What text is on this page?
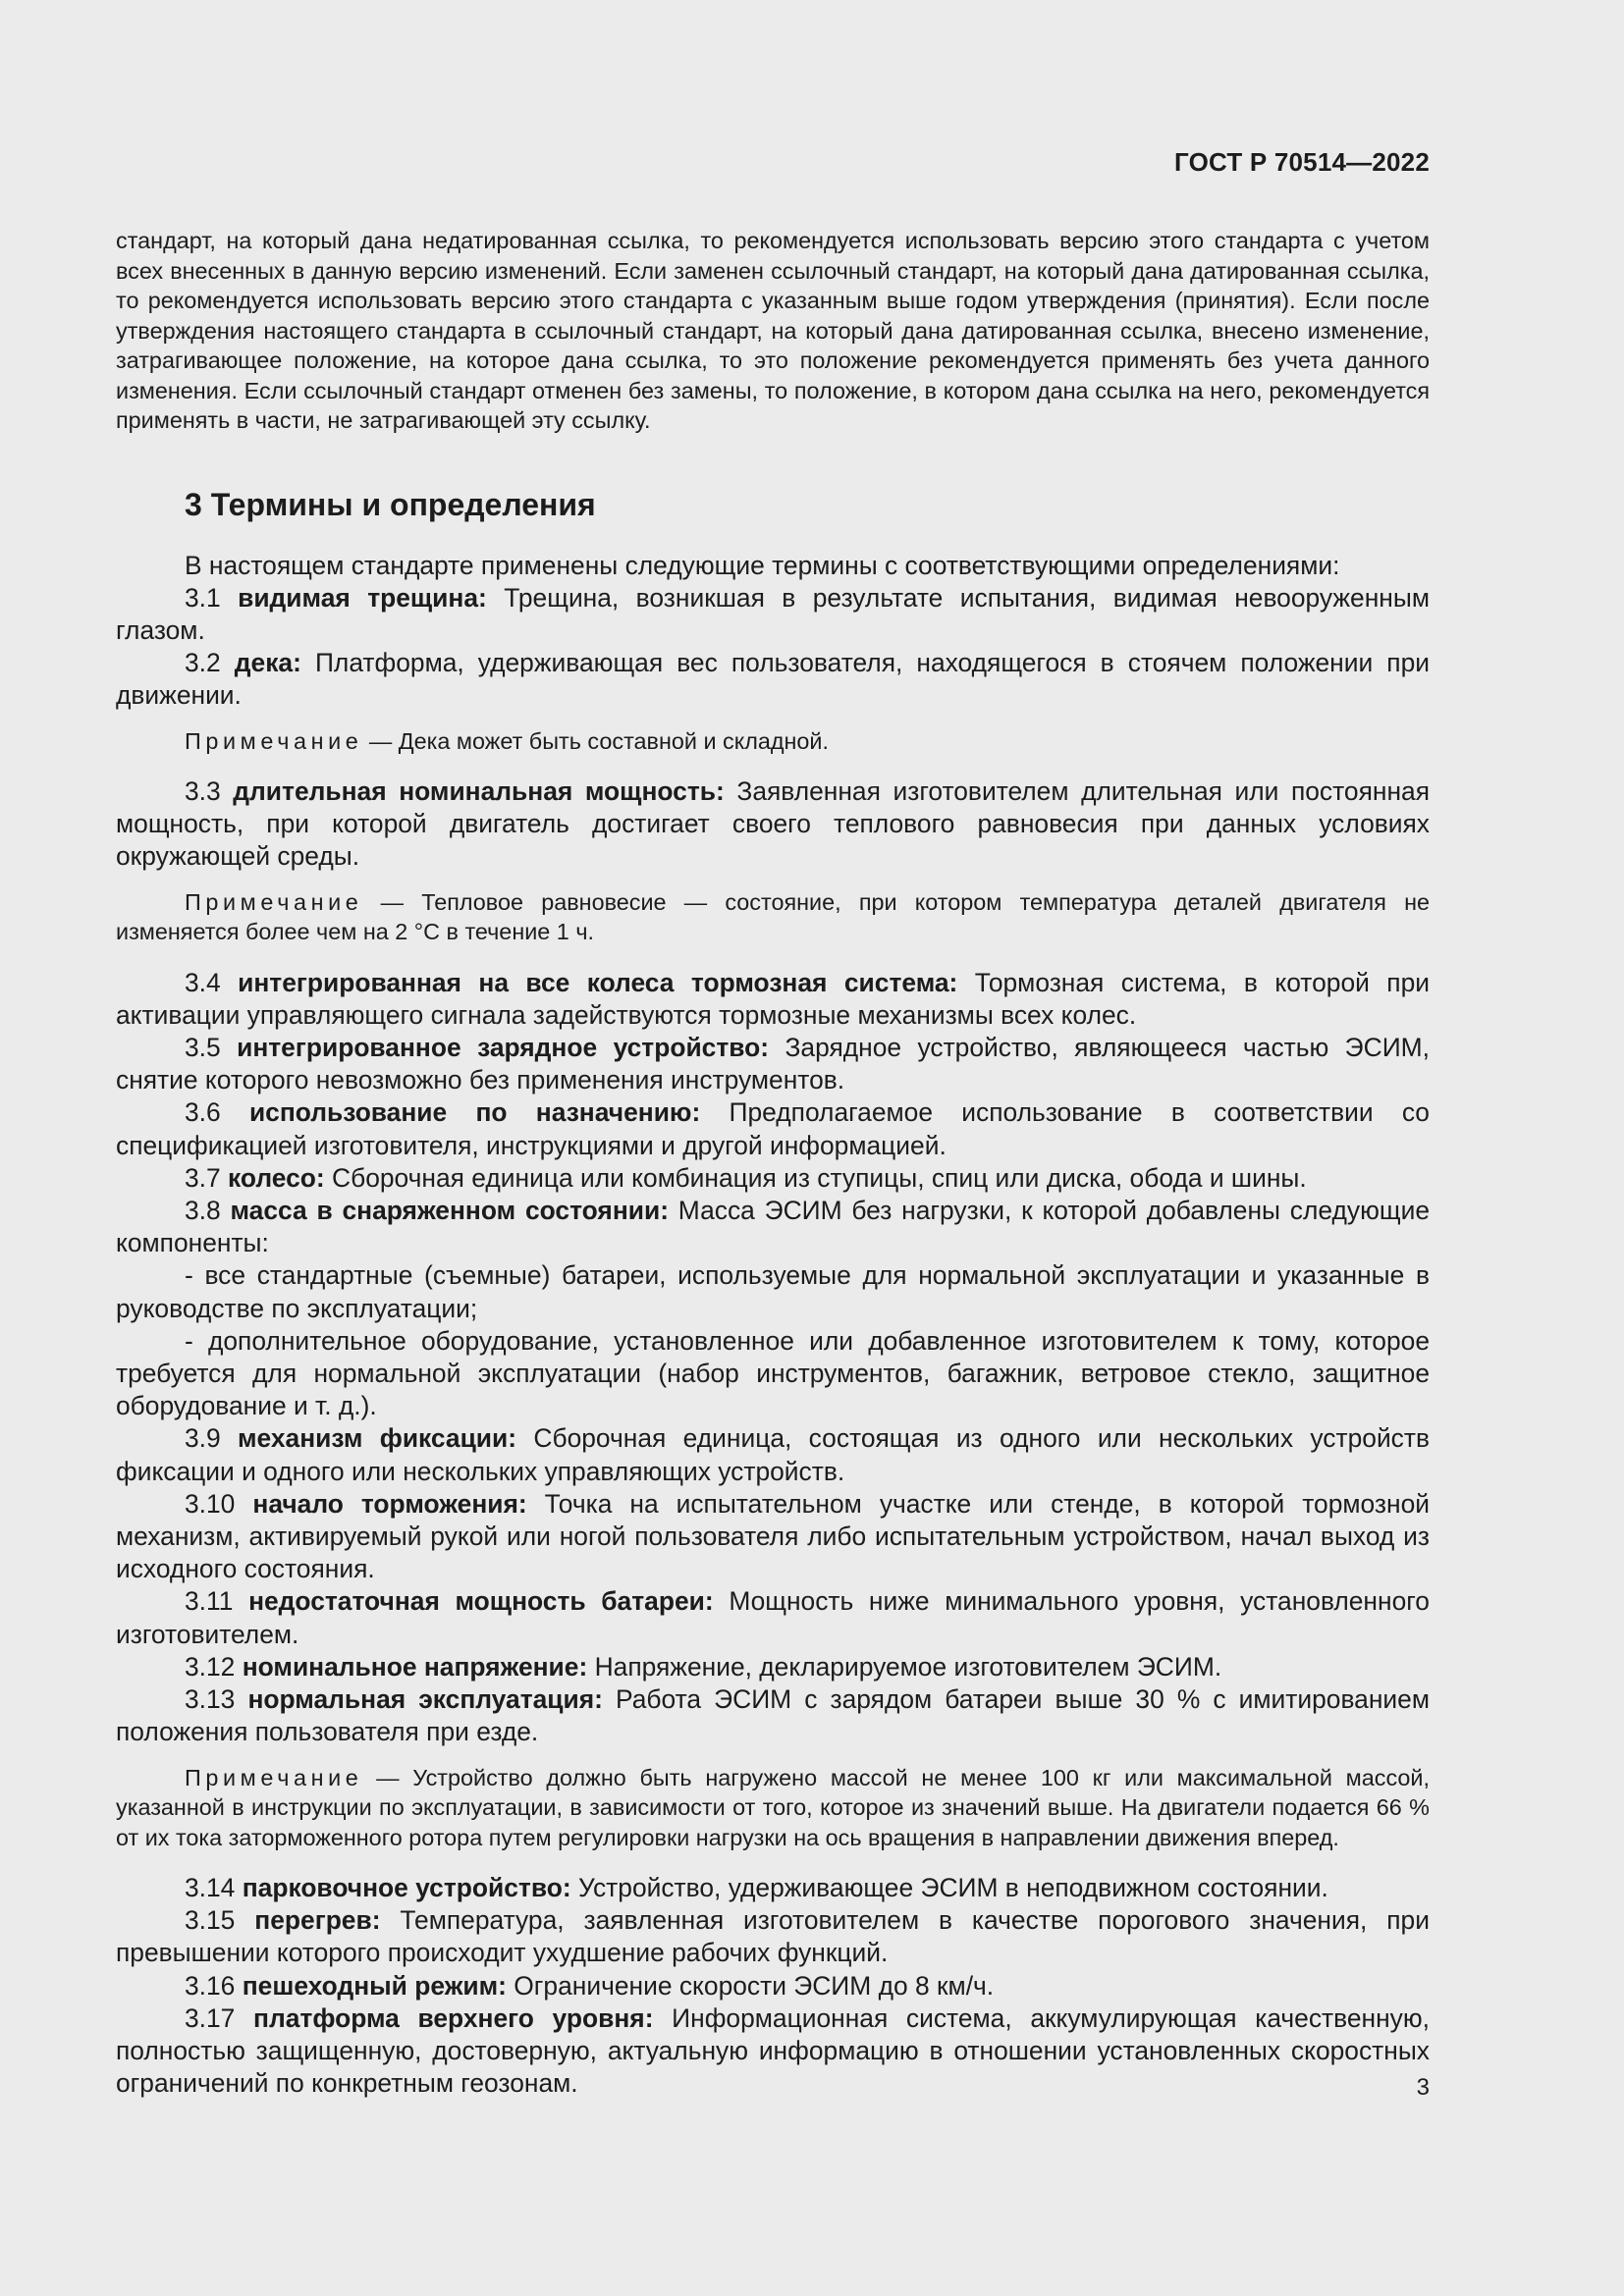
ГОСТ Р 70514—2022

стандарт, на который дана недатированная ссылка, то рекомендуется использовать версию этого стандарта с учетом всех внесенных в данную версию изменений. Если заменен ссылочный стандарт, на который дана датированная ссылка, то рекомендуется использовать версию этого стандарта с указанным выше годом утверждения (принятия). Если после утверждения настоящего стандарта в ссылочный стандарт, на который дана датированная ссылка, внесено изменение, затрагивающее положение, на которое дана ссылка, то это положение рекомендуется применять без учета данного изменения. Если ссылочный стандарт отменен без замены, то положение, в котором дана ссылка на него, рекомендуется применять в части, не затрагивающей эту ссылку.

3 Термины и определения

В настоящем стандарте применены следующие термины с соответствующими определениями:

3.1 видимая трещина: Трещина, возникшая в результате испытания, видимая невооруженным глазом.

3.2 дека: Платформа, удерживающая вес пользователя, находящегося в стоячем положении при движении.

Примечание — Дека может быть составной и складной.

3.3 длительная номинальная мощность: Заявленная изготовителем длительная или постоянная мощность, при которой двигатель достигает своего теплового равновесия при данных условиях окружающей среды.

Примечание — Тепловое равновесие — состояние, при котором температура деталей двигателя не изменяется более чем на 2 °C в течение 1 ч.

3.4 интегрированная на все колеса тормозная система: Тормозная система, в которой при активации управляющего сигнала задействуются тормозные механизмы всех колес.

3.5 интегрированное зарядное устройство: Зарядное устройство, являющееся частью ЭСИМ, снятие которого невозможно без применения инструментов.

3.6 использование по назначению: Предполагаемое использование в соответствии со спецификацией изготовителя, инструкциями и другой информацией.

3.7 колесо: Сборочная единица или комбинация из ступицы, спиц или диска, обода и шины.

3.8 масса в снаряженном состоянии: Масса ЭСИМ без нагрузки, к которой добавлены следующие компоненты:

- все стандартные (съемные) батареи, используемые для нормальной эксплуатации и указанные в руководстве по эксплуатации;

- дополнительное оборудование, установленное или добавленное изготовителем к тому, которое требуется для нормальной эксплуатации (набор инструментов, багажник, ветровое стекло, защитное оборудование и т. д.).

3.9 механизм фиксации: Сборочная единица, состоящая из одного или нескольких устройств фиксации и одного или нескольких управляющих устройств.

3.10 начало торможения: Точка на испытательном участке или стенде, в которой тормозной механизм, активируемый рукой или ногой пользователя либо испытательным устройством, начал выход из исходного состояния.

3.11 недостаточная мощность батареи: Мощность ниже минимального уровня, установленного изготовителем.

3.12 номинальное напряжение: Напряжение, декларируемое изготовителем ЭСИМ.

3.13 нормальная эксплуатация: Работа ЭСИМ с зарядом батареи выше 30 % с имитированием положения пользователя при езде.

Примечание — Устройство должно быть нагружено массой не менее 100 кг или максимальной массой, указанной в инструкции по эксплуатации, в зависимости от того, которое из значений выше. На двигатели подается 66 % от их тока заторможенного ротора путем регулировки нагрузки на ось вращения в направлении движения вперед.

3.14 парковочное устройство: Устройство, удерживающее ЭСИМ в неподвижном состоянии.

3.15 перегрев: Температура, заявленная изготовителем в качестве порогового значения, при превышении которого происходит ухудшение рабочих функций.

3.16 пешеходный режим: Ограничение скорости ЭСИМ до 8 км/ч.

3.17 платформа верхнего уровня: Информационная система, аккумулирующая качественную, полностью защищенную, достоверную, актуальную информацию в отношении установленных скоростных ограничений по конкретным геозонам.	3
